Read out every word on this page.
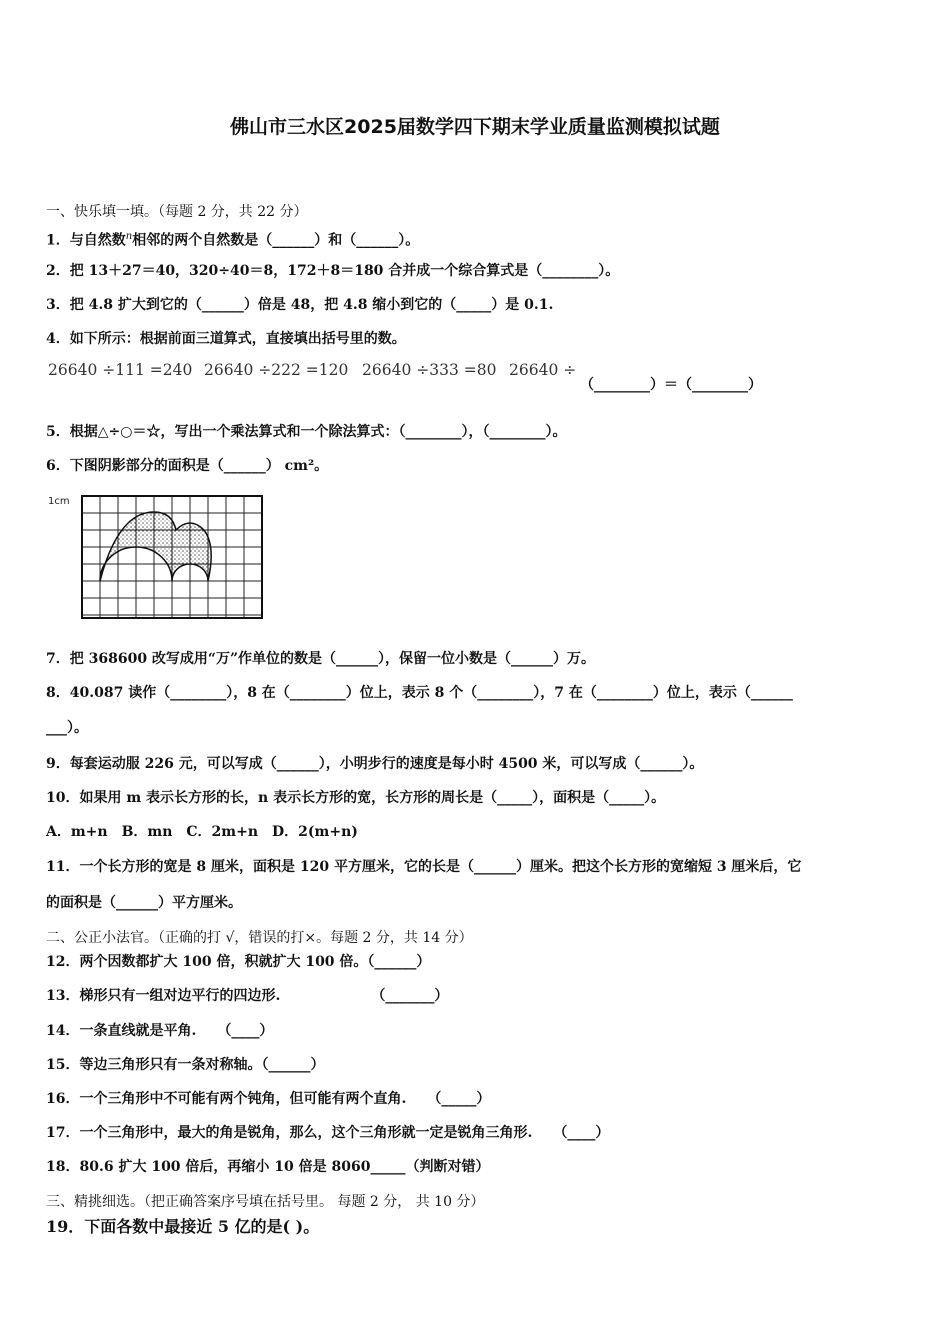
佛山市三水区2025届数学四下期末学业质量监测模拟试题
一、快乐填一填。（每题 2 分，共 22 分）
1．与自然数$^n$相邻的两个自然数是（______）和（______）。
2．把 13＋27＝40，320÷40＝8，172＋8＝180 合并成一个综合算式是（________）。
3．把 4.8 扩大到它的（______）倍是 48，把 4.8 缩小到它的（_____）是 0.1.
4．如下所示：根据前面三道算式，直接填出括号里的数。
26640 ÷111 =240 26640 ÷222 =120 26640 ÷333 =80 26640 ÷
（________）＝（________）
5．根据△÷○＝☆，写出一个乘法算式和一个除法算式：（________），（________）。
6．下图阴影部分的面积是（______） cm²。
1cm
7．把 368600 改写成用“万”作单位的数是（______），保留一位小数是（______）万。
8．40.087 读作（________），8 在（________）位上，表示 8 个（________），7 在（________）位上，表示（______
___）。
9．每套运动服 226 元，可以写成（______），小明步行的速度是每小时 4500 米，可以写成（______）。
10．如果用 m 表示长方形的长，n 表示长方形的宽，长方形的周长是（_____），面积是（_____）。
A．m+n　B．mn　C．2m+n　D．2(m+n)
11．一个长方形的宽是 8 厘米，面积是 120 平方厘米，它的长是（______）厘米。把这个长方形的宽缩短 3 厘米后，它
的面积是（______）平方厘米。
二、公正小法官。（正确的打 √，错误的打×。每题 2 分，共 14 分）
12．两个因数都扩大 100 倍，积就扩大 100 倍。（______）
13．梯形只有一组对边平行的四边形.　　　　　　　（_______）
14．一条直线就是平角.　　（____）
15．等边三角形只有一条对称轴。（______）
16．一个三角形中不可能有两个钝角，但可能有两个直角.　　（_____）
17．一个三角形中，最大的角是锐角，那么，这个三角形就一定是锐角三角形.　　（____）
18．80.6 扩大 100 倍后，再缩小 10 倍是 8060_____（判断对错）
三、精挑细选。（把正确答案序号填在括号里。 每题 2 分， 共 10 分）
19．下面各数中最接近 5 亿的是( )。
